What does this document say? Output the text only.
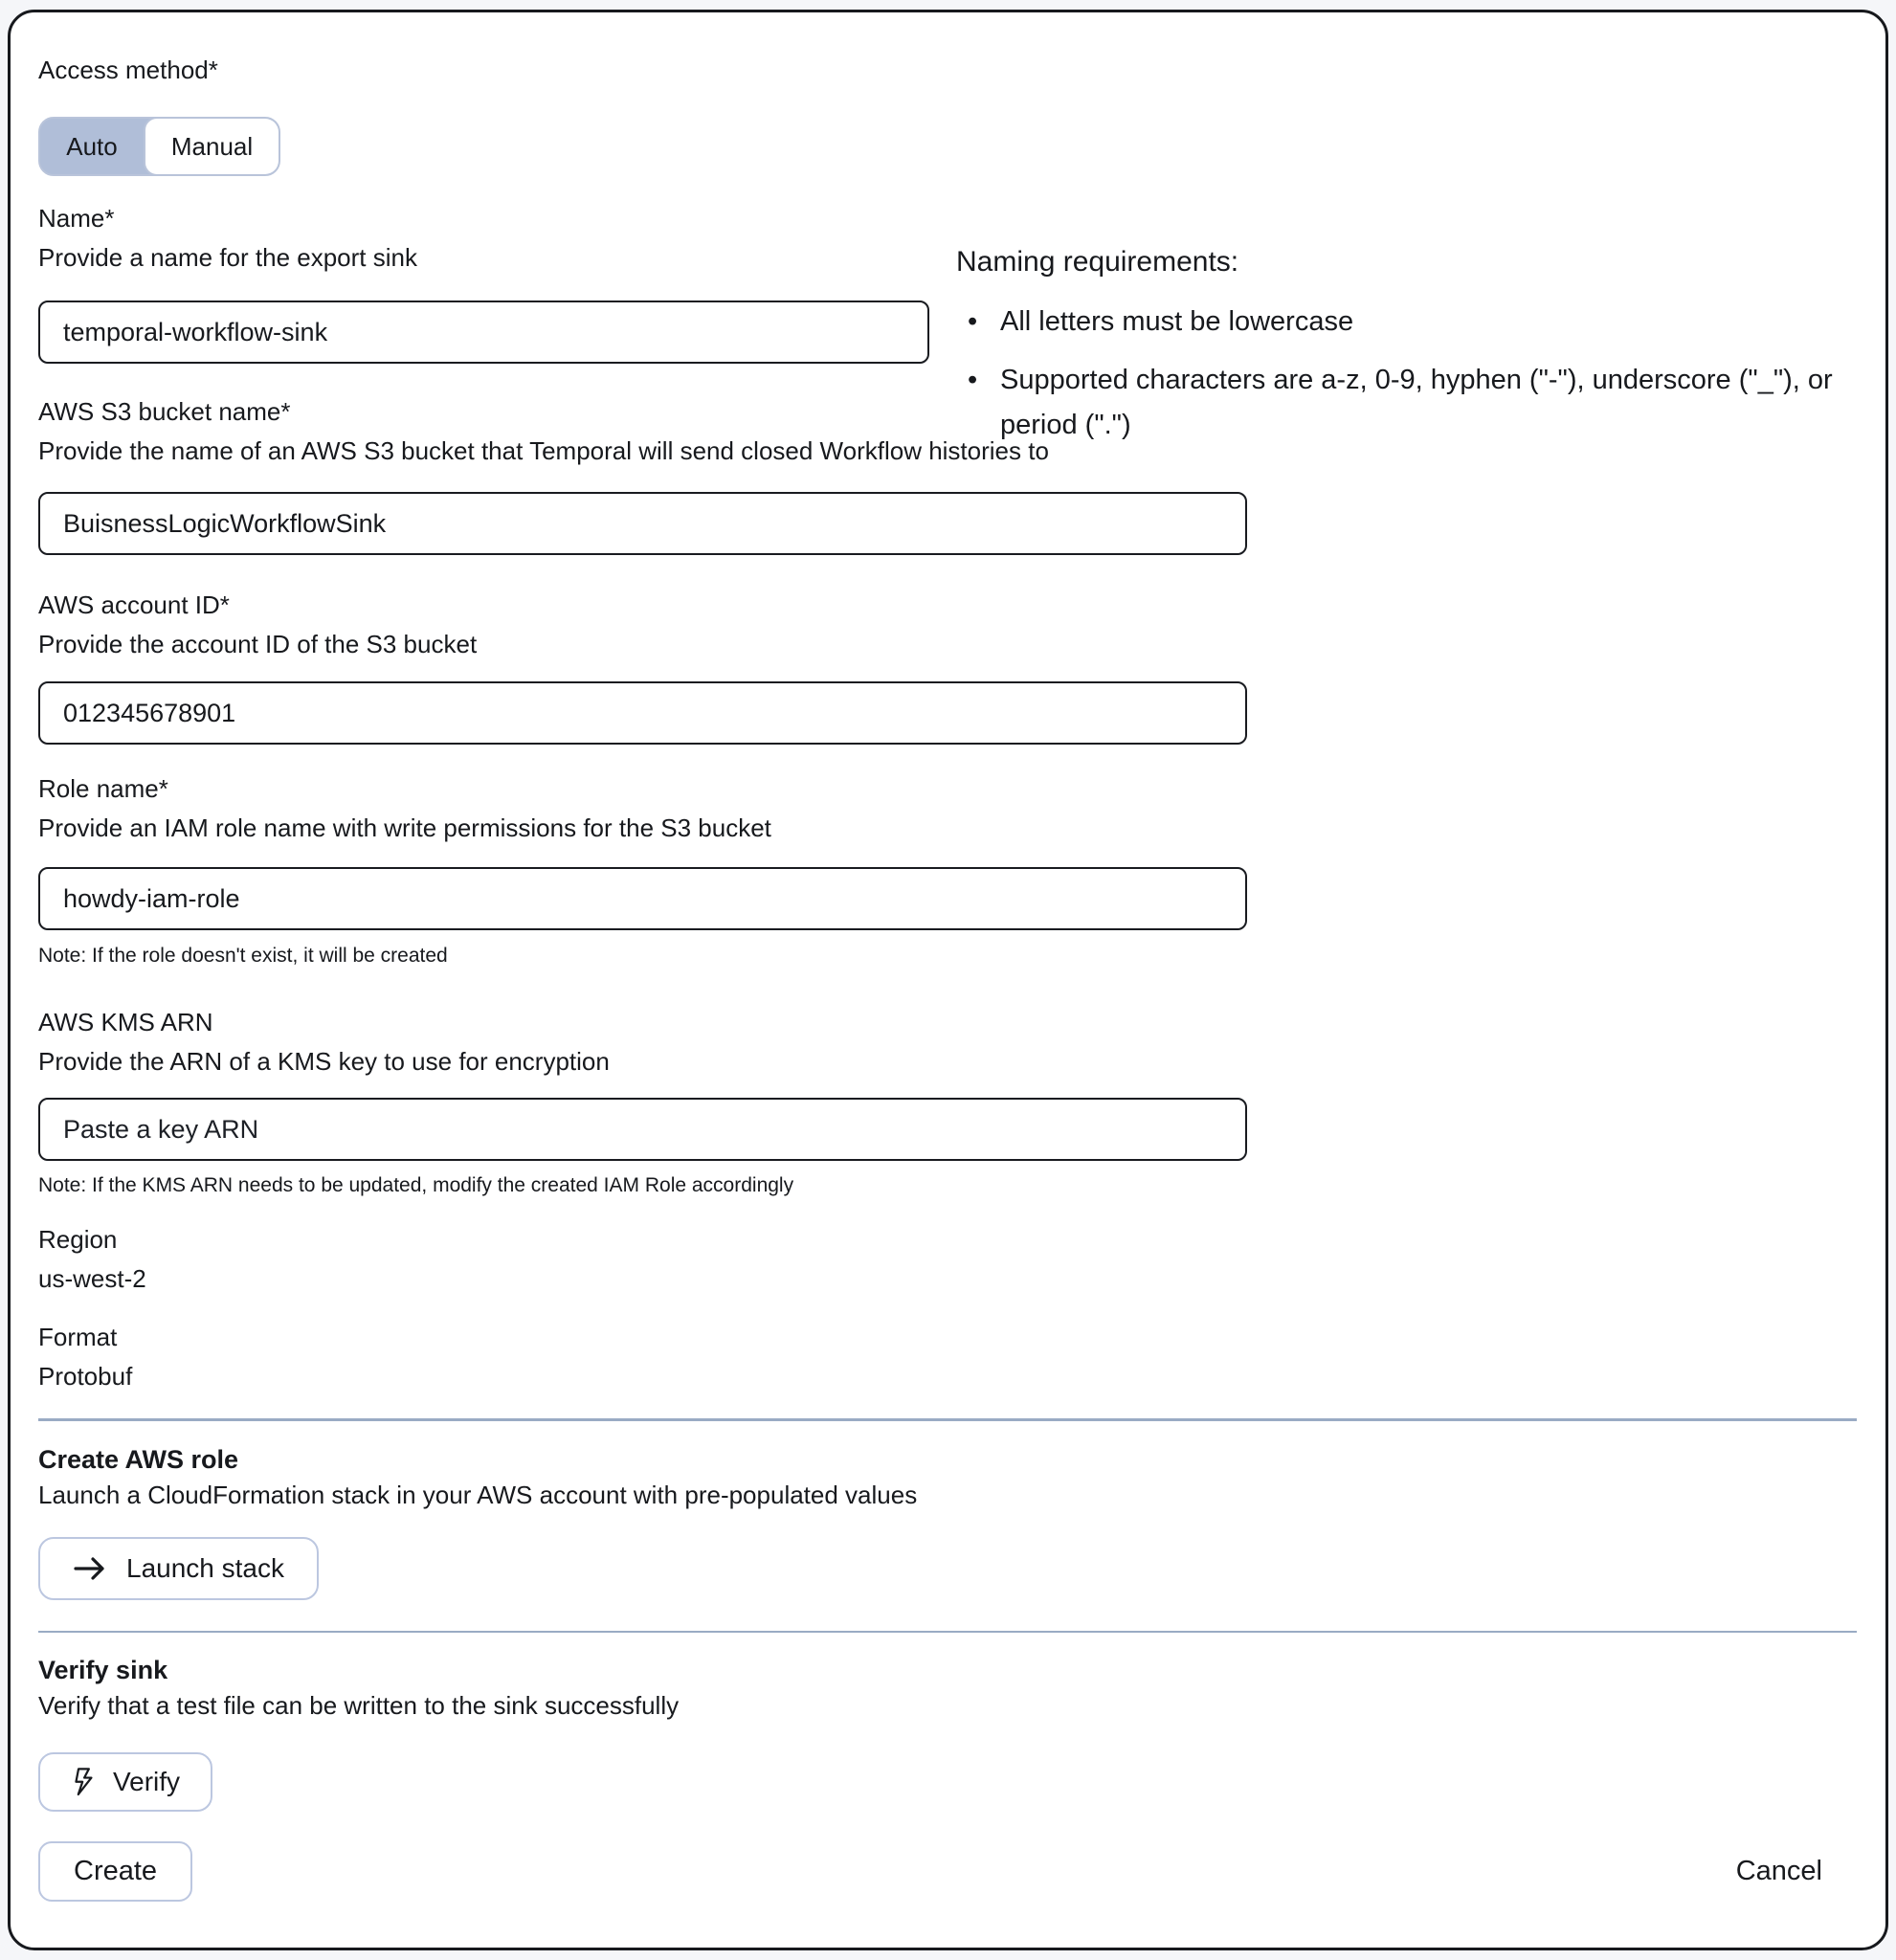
Access method*
Auto	Manual
Name*
Provide a name for the export sink
temporal-workflow-sink
AWS S3 bucket name*
Provide the name of an AWS S3 bucket that Temporal will send closed Workflow histories to
BuisnessLogicWorkflowSink
AWS account ID*
Provide the account ID of the S3 bucket
012345678901
Role name*
Provide an IAM role name with write permissions for the S3 bucket
howdy-iam-role
Note: If the role doesn't exist, it will be created
AWS KMS ARN
Provide the ARN of a KMS key to use for encryption
Paste a key ARN
Note: If the KMS ARN needs to be updated, modify the created IAM Role accordingly
Region
us-west-2
Format
Protobuf
Create AWS role
Launch a CloudFormation stack in your AWS account with pre-populated values
Launch stack
Verify sink
Verify that a test file can be written to the sink successfully
Verify
Create	Cancel
Naming requirements:
• All letters must be lowercase
• Supported characters are a-z, 0-9, hyphen ("-"), underscore ("_"), or period (".")
